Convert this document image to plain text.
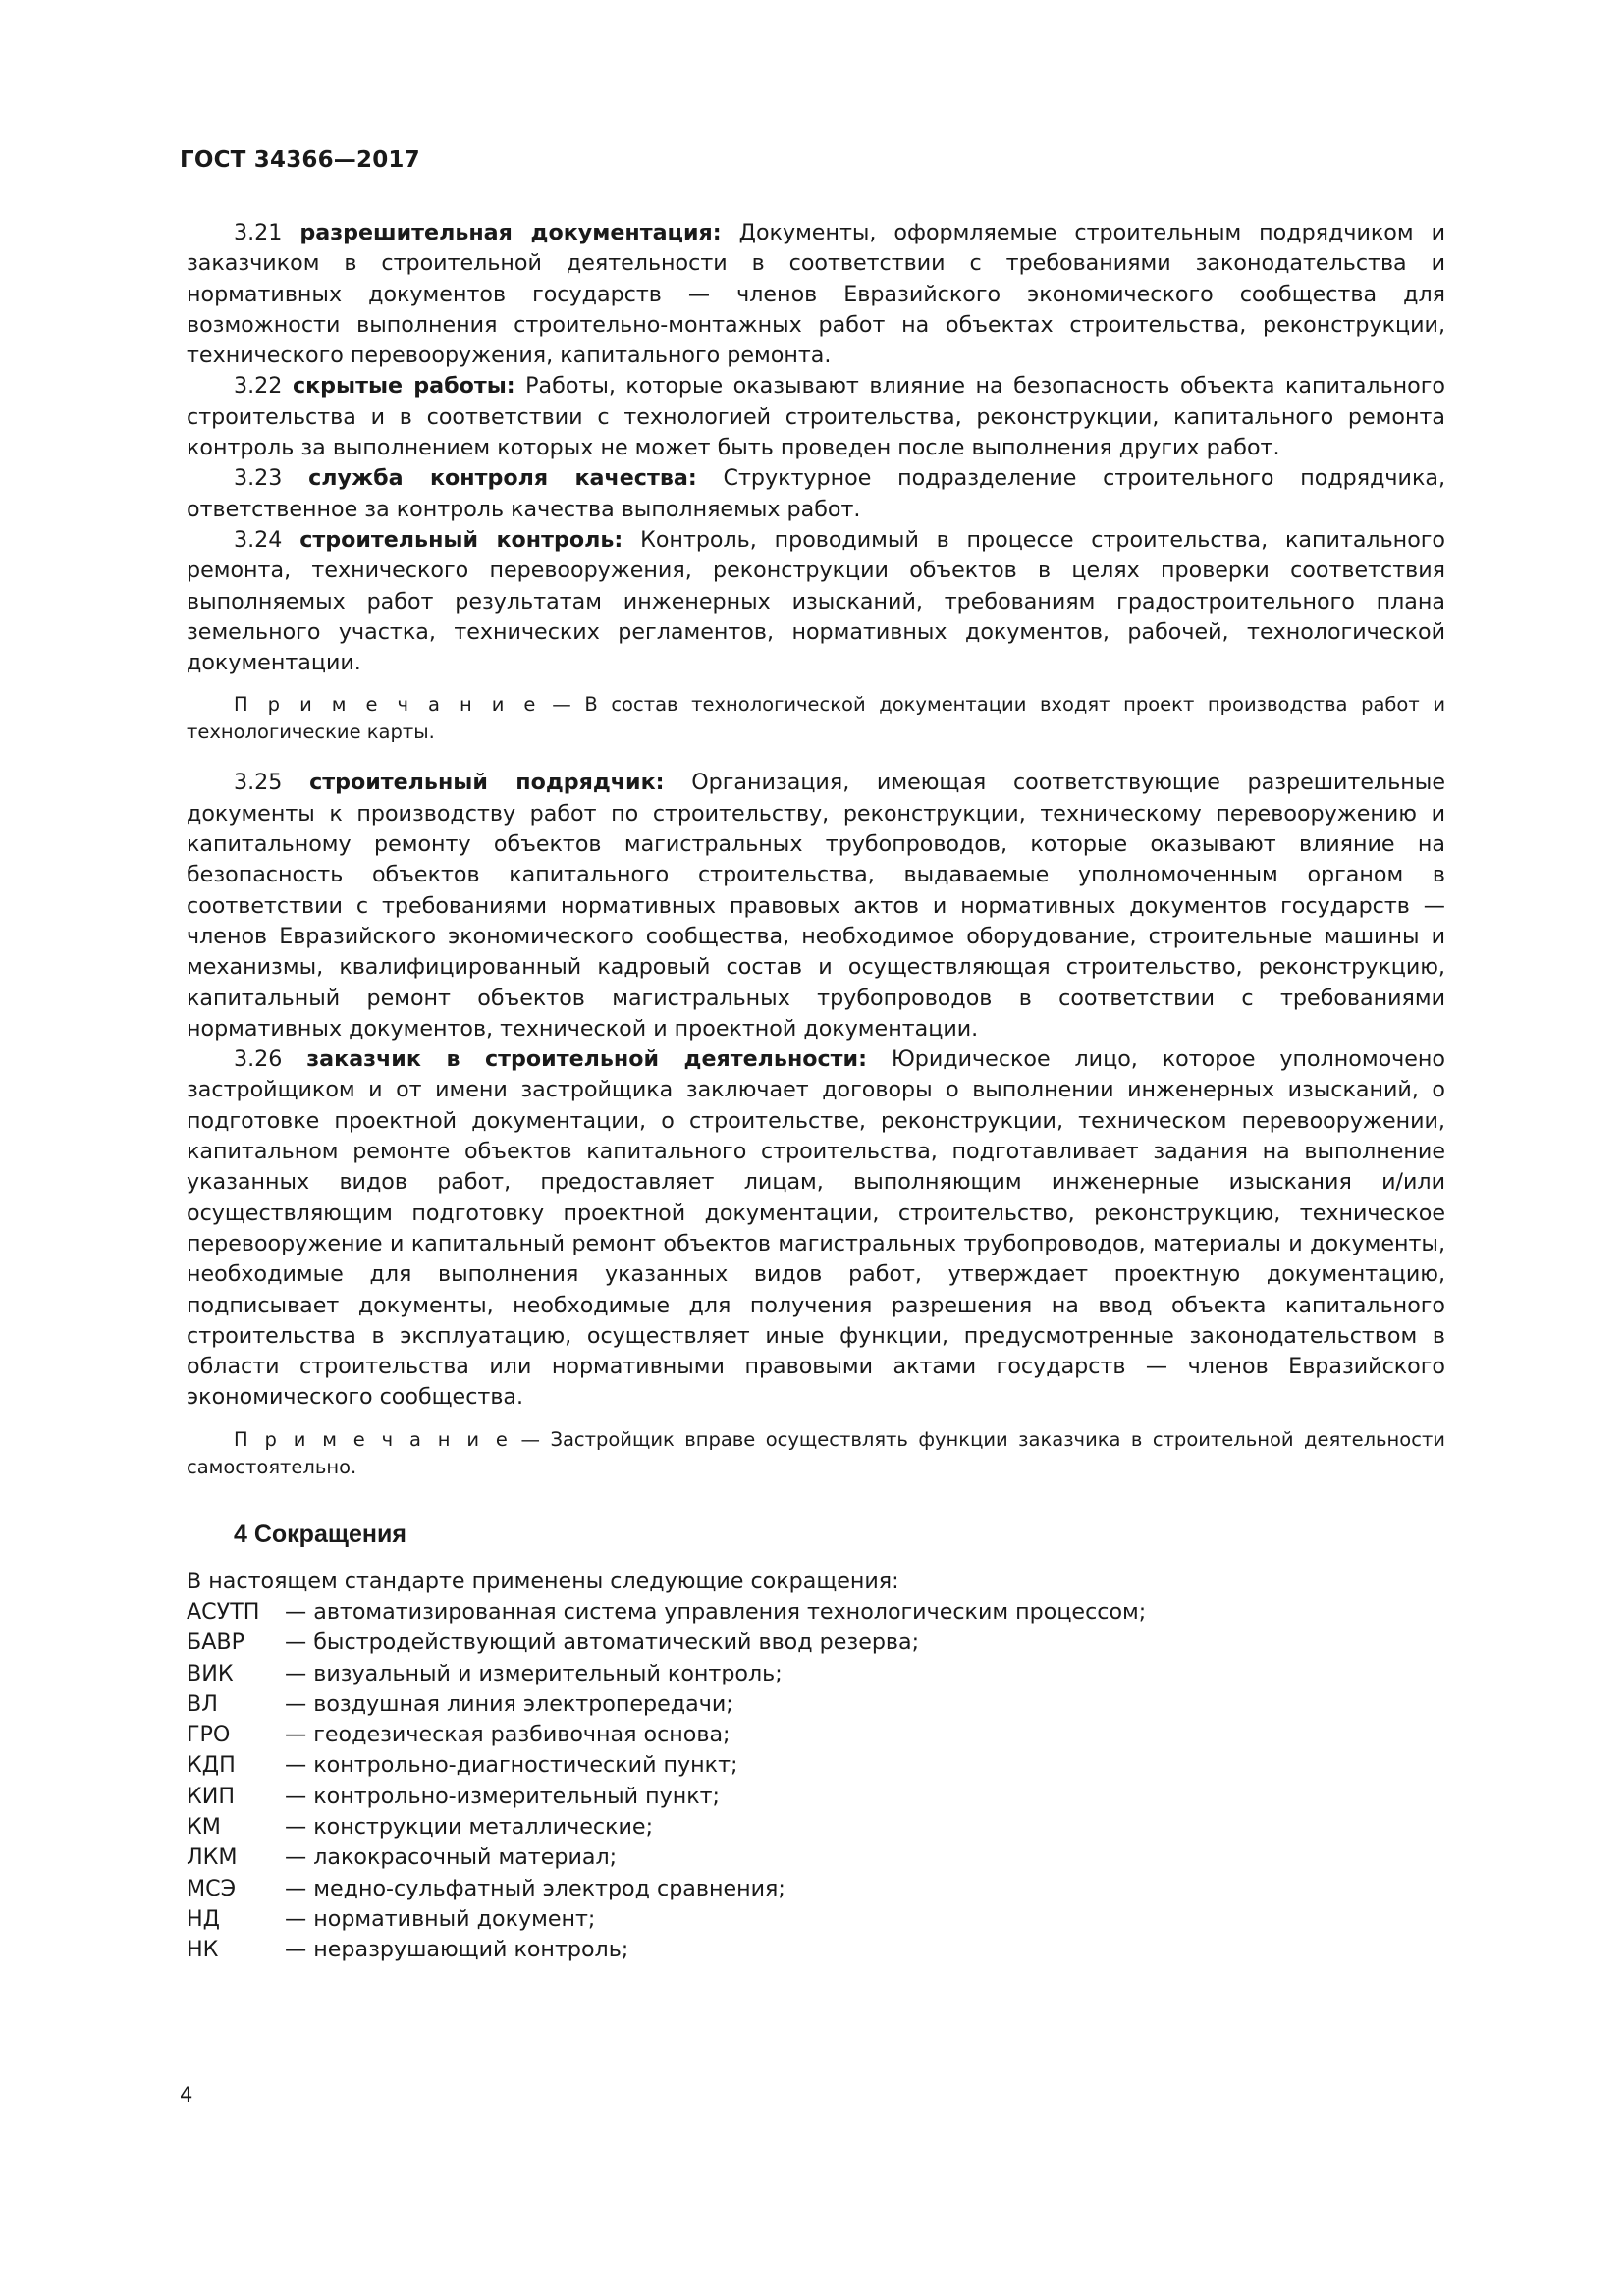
ГОСТ 34366—2017

3.21 разрешительная документация: Документы, оформляемые строительным подрядчиком и заказчиком в строительной деятельности в соответствии с требованиями законодательства и нормативных документов государств — членов Евразийского экономического сообщества для возможности выполнения строительно-монтажных работ на объектах строительства, реконструкции, технического перевооружения, капитального ремонта.

3.22 скрытые работы: Работы, которые оказывают влияние на безопасность объекта капитального строительства и в соответствии с технологией строительства, реконструкции, капитального ремонта контроль за выполнением которых не может быть проведен после выполнения других работ.

3.23 служба контроля качества: Структурное подразделение строительного подрядчика, ответственное за контроль качества выполняемых работ.

3.24 строительный контроль: Контроль, проводимый в процессе строительства, капитального ремонта, технического перевооружения, реконструкции объектов в целях проверки соответствия выполняемых работ результатам инженерных изысканий, требованиям градостроительного плана земельного участка, технических регламентов, нормативных документов, рабочей, технологической документации.

П р и м е ч а н и е — В состав технологической документации входят проект производства работ и технологические карты.

3.25 строительный подрядчик: Организация, имеющая соответствующие разрешительные документы к производству работ по строительству, реконструкции, техническому перевооружению и капитальному ремонту объектов магистральных трубопроводов, которые оказывают влияние на безопасность объектов капитального строительства, выдаваемые уполномоченным органом в соответствии с требованиями нормативных правовых актов и нормативных документов государств — членов Евразийского экономического сообщества, необходимое оборудование, строительные машины и механизмы, квалифицированный кадровый состав и осуществляющая строительство, реконструкцию, капитальный ремонт объектов магистральных трубопроводов в соответствии с требованиями нормативных документов, технической и проектной документации.

3.26 заказчик в строительной деятельности: Юридическое лицо, которое уполномочено застройщиком и от имени застройщика заключает договоры о выполнении инженерных изысканий, о подготовке проектной документации, о строительстве, реконструкции, техническом перевооружении, капитальном ремонте объектов капитального строительства, подготавливает задания на выполнение указанных видов работ, предоставляет лицам, выполняющим инженерные изыскания и/или осуществляющим подготовку проектной документации, строительство, реконструкцию, техническое перевооружение и капитальный ремонт объектов магистральных трубопроводов, материалы и документы, необходимые для выполнения указанных видов работ, утверждает проектную документацию, подписывает документы, необходимые для получения разрешения на ввод объекта капитального строительства в эксплуатацию, осуществляет иные функции, предусмотренные законодательством в области строительства или нормативными правовыми актами государств — членов Евразийского экономического сообщества.

П р и м е ч а н и е — Застройщик вправе осуществлять функции заказчика в строительной деятельности самостоятельно.

4 Сокращения

В настоящем стандарте применены следующие сокращения:

АСУТП	— автоматизированная система управления технологическим процессом;
БАВР	— быстродействующий автоматический ввод резерва;
ВИК	— визуальный и измерительный контроль;
ВЛ	— воздушная линия электропередачи;
ГРО	— геодезическая разбивочная основа;
КДП	— контрольно-диагностический пункт;
КИП	— контрольно-измерительный пункт;
КМ	— конструкции металлические;
ЛКМ	— лакокрасочный материал;
МСЭ	— медно-сульфатный электрод сравнения;
НД	— нормативный документ;
НК	— неразрушающий контроль;
4
